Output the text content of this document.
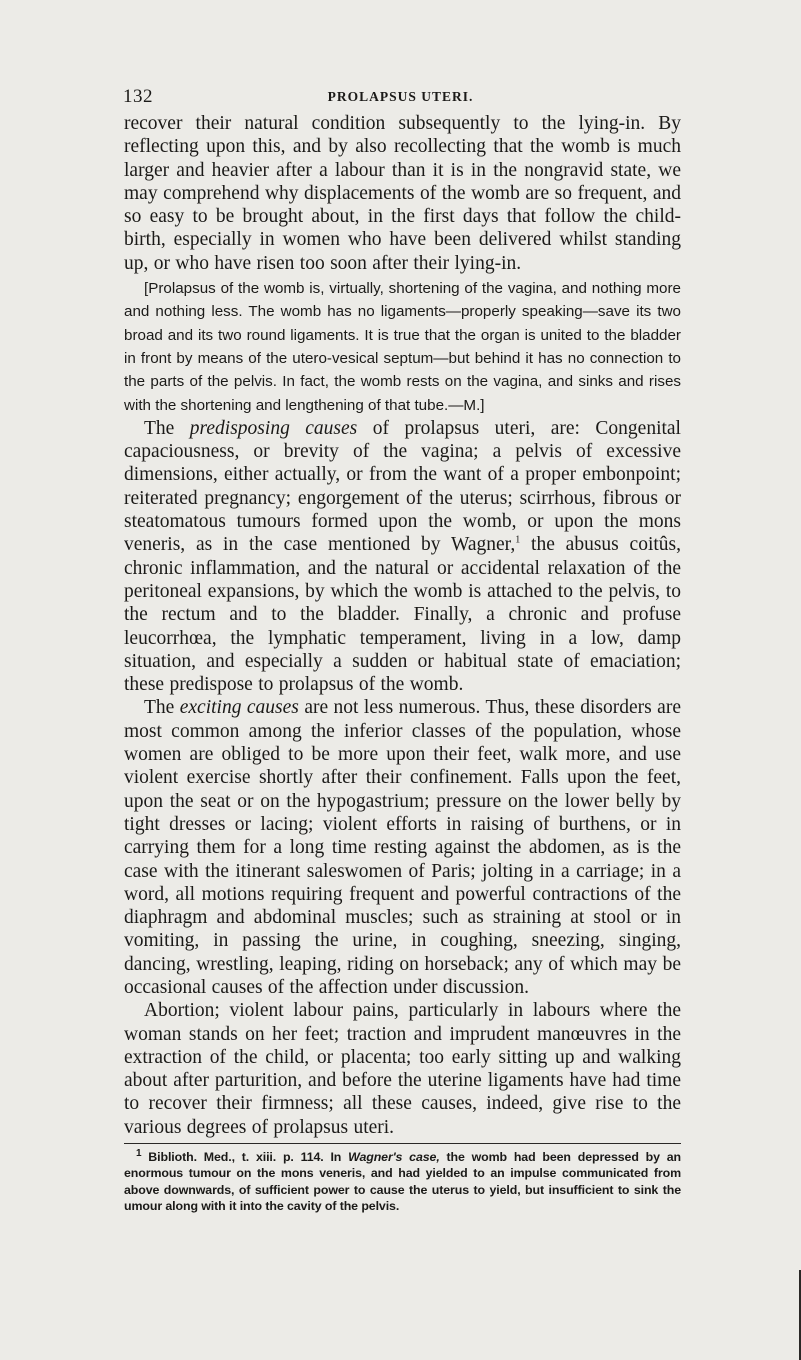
132	PROLAPSUS UTERI.

recover their natural condition subsequently to the lying-in. By reflecting upon this, and by also recollecting that the womb is much larger and heavier after a labour than it is in the nongravid state, we may comprehend why displacements of the womb are so frequent, and so easy to be brought about, in the first days that follow the child-birth, especially in women who have been delivered whilst standing up, or who have risen too soon after their lying-in.

[Prolapsus of the womb is, virtually, shortening of the vagina, and nothing more and nothing less. The womb has no ligaments—properly speaking—save its two broad and its two round ligaments. It is true that the organ is united to the bladder in front by means of the utero-vesical septum—but behind it has no connection to the parts of the pelvis. In fact, the womb rests on the vagina, and sinks and rises with the shortening and lengthening of that tube.—M.]

The predisposing causes of prolapsus uteri, are: Congenital capaciousness, or brevity of the vagina; a pelvis of excessive dimensions, either actually, or from the want of a proper embonpoint; reiterated pregnancy; engorgement of the uterus; scirrhous, fibrous or steatomatous tumours formed upon the womb, or upon the mons veneris, as in the case mentioned by Wagner,$^1$ the abusus coitûs, chronic inflammation, and the natural or accidental relaxation of the peritoneal expansions, by which the womb is attached to the pelvis, to the rectum and to the bladder. Finally, a chronic and profuse leucorrhœa, the lymphatic temperament, living in a low, damp situation, and especially a sudden or habitual state of emaciation; these predispose to prolapsus of the womb.

The exciting causes are not less numerous. Thus, these disorders are most common among the inferior classes of the population, whose women are obliged to be more upon their feet, walk more, and use violent exercise shortly after their confinement. Falls upon the feet, upon the seat or on the hypogastrium; pressure on the lower belly by tight dresses or lacing; violent efforts in raising of burthens, or in carrying them for a long time resting against the abdomen, as is the case with the itinerant saleswomen of Paris; jolting in a carriage; in a word, all motions requiring frequent and powerful contractions of the diaphragm and abdominal muscles; such as straining at stool or in vomiting, in passing the urine, in coughing, sneezing, singing, dancing, wrestling, leaping, riding on horseback; any of which may be occasional causes of the affection under discussion.

Abortion; violent labour pains, particularly in labours where the woman stands on her feet; traction and imprudent manœuvres in the extraction of the child, or placenta; too early sitting up and walking about after parturition, and before the uterine ligaments have had time to recover their firmness; all these causes, indeed, give rise to the various degrees of prolapsus uteri.

$^1$ Biblioth. Med., t. xiii. p. 114. In Wagner's case, the womb had been depressed by an enormous tumour on the mons veneris, and had yielded to an impulse communicated from above downwards, of sufficient power to cause the uterus to yield, but insufficient to sink the umour along with it into the cavity of the pelvis.
